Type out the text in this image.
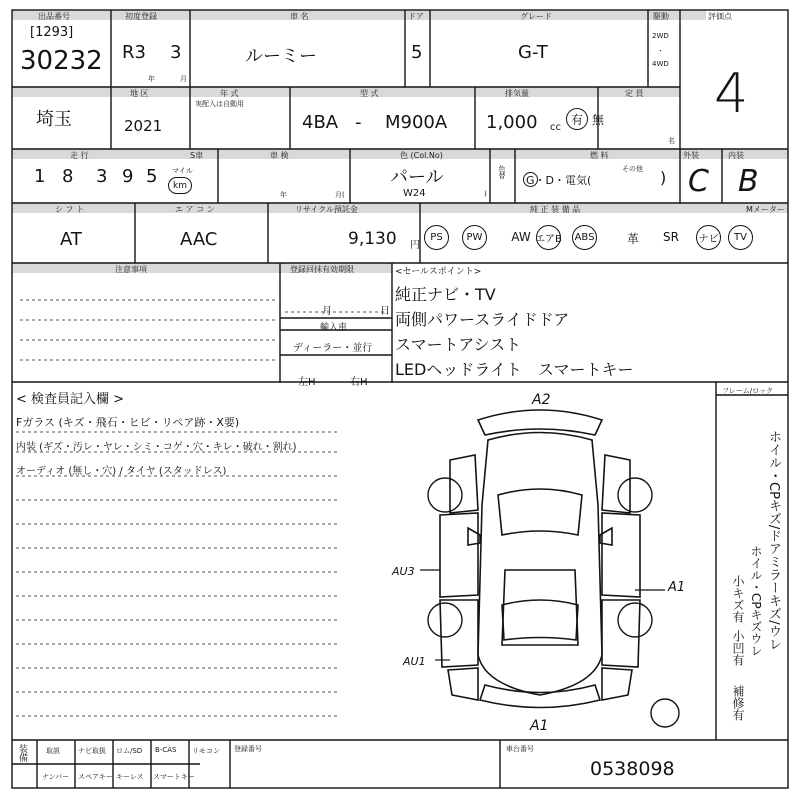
出品番号
[1293]
30232
初度登録
R3 3
年	月
車 名
ルーミー
ドア
5
グレード
G-T
駆動
2WD
・
4WD
評価点
4
地 区
埼玉
年 式
2021
実配入は自動用
型 式
4BA - M900A
排気量
1,000 cc
有 無
定 員
名
走 行	S車
1 8 3 9 5 マイル
km
車 検
年	月(
色 (Col.No)
パール
W24	)
色替
燃 料
G・D・電気(
その他 )
外装	内装
C B
シ フ ト
AT
エ ア コ ン
AAC
リサイクル預託金
9,130 円
純 正 装 備 品	Mメーター
PS	PW	AW エアB ABS	革	SR	ナビ	TV
注意事項	登録回抹有効期限
月	日
輸入車
ディーラー・並行
左H	右H
<セールスポイント>
純正ナビ・TV
両側パワースライドドア
スマートアシスト
LEDヘッドライト　スマートキー
< 検査員記入欄 >
Fガラス (キズ・飛石・ヒビ・リペア跡・X要)
内装 (ギズ・汚レ・ヤレ・シミ・コゲ・穴・キレ・破れ・割れ)
オーディオ (無し・穴) / タイヤ (スタッドレス)
フレーム/ロック
A2
A1
AU3
AU1
A1
ホイル・CPキズ/ドアミラーキズ/ウレ
ホイル・CPキズウレ
小キズ有
小凹有
補修有
装備	取説	ナビ取扱 ロム/SD B-CAS リモコン
ナンバー スペアキー キーレス スマートキー
登録番号	車台番号
0538098
